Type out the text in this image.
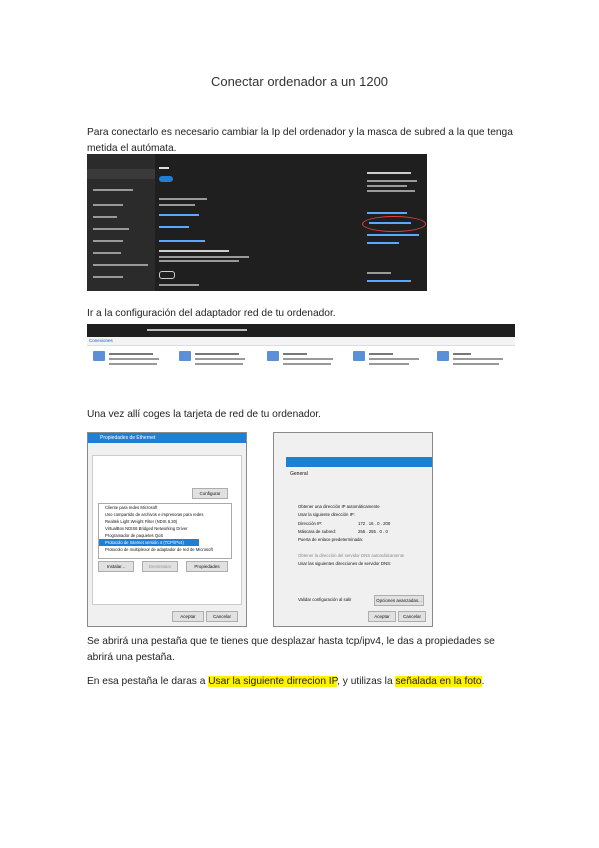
Conectar ordenador a un 1200
Para conectarlo es necesario cambiar la Ip del ordenador y la masca de subred a la que tenga metida el autómata.
Ir a la configuración del adaptador red de tu ordenador.
Conexiones
Una vez allí coges la tarjeta de red de tu ordenador.
Propiedades de Ethernet
Configurar
Cliente para redes Microsoft
Uso compartido de archivos e impresoras para redes
Realtek Light Weight Filter (NDIS 6.30)
VirtualBox NDIS6 Bridged Networking Driver
Programador de paquetes QoS
Protocolo de Internet versión 4 (TCP/IPv4)
Protocolo de multiplexor de adaptador de red de Microsoft
Instalar...	Desinstalar	Propiedades
Aceptar	Cancelar
General
Obtener una dirección IP automáticamente
Usar la siguiente dirección IP:
Dirección IP:	172 . 16 . 0 . 200
Máscara de subred:	255 . 255 . 0 . 0
Puerta de enlace predeterminada:
Obtener la dirección del servidor DNS automáticamente
Usar las siguientes direcciones de servidor DNS:
Validar configuración al salir	Opciones avanzadas...
Aceptar	Cancelar
Se abrirá una pestaña que te tienes que desplazar hasta tcp/ipv4, le das a propiedades se abrirá una pestaña.
En esa pestaña le daras a Usar la siguiente dirrecion IP, y utilizas la señalada en la foto.
